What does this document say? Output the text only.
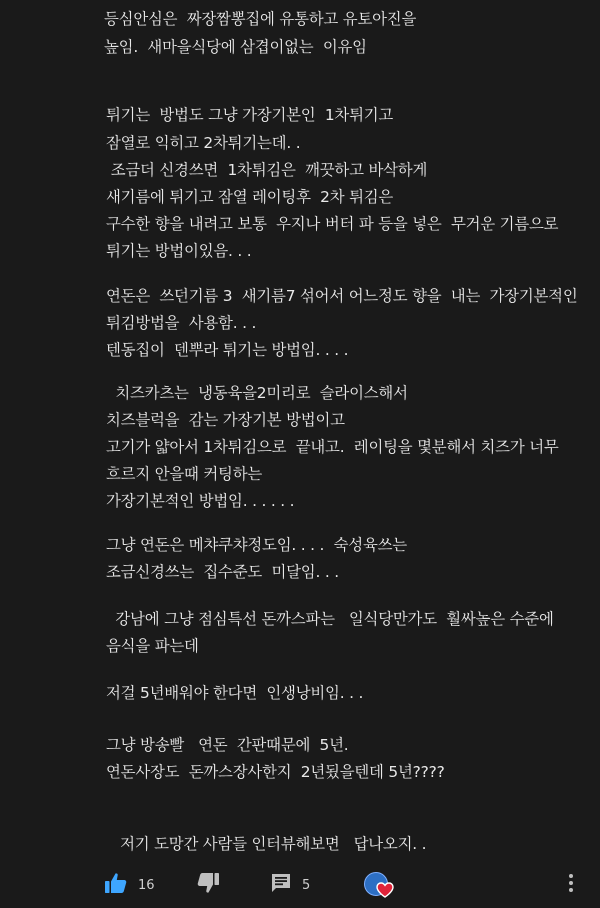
등심안심은  짜장짬뽕집에 유통하고 유토아진을
높임.  새마을식당에 삼겹이없는  이유임
튀기는  방법도 그냥 가장기본인  1차튀기고
잠열로 익히고 2차튀기는데. .
조금더 신경쓰면  1차튀김은  깨끗하고 바삭하게
새기름에 튀기고 잠열 레이팅후  2차 튀김은
구수한 향을 내려고 보통  우지나 버터 파 등을 넣은  무거운 기름으로
튀기는 방법이있음. . .
연돈은  쓰던기름 3  새기름7 섞어서 어느정도 향을  내는  가장기본적인
튀김방법을  사용함. . .
텐동집이  덴뿌라 튀기는 방법임. . . .
치즈카츠는  냉동육을2미리로  슬라이스해서
치즈블럭을  감는 가장기본 방법이고
고기가 얇아서 1차튀김으로  끝내고.  레이팅을 몇분해서 치즈가 너무
흐르지 안을때 커팅하는
가장기본적인 방법임. . . . . .
그냥 연돈은 메챠쿠챠정도임. . . .  숙성육쓰는
조금신경쓰는  집수준도  미달임. . .
강남에 그냥 점심특선 돈까스파는   일식당만가도  훨싸높은 수준에
음식을 파는데
저걸 5년배워야 한다면  인생낭비임. . .
그냥 방송빨   연돈  간판때문에  5년.
연돈사장도  돈까스장사한지  2년됬을텐데 5년????
저기 도망간 사람들 인터뷰해보면   답나오지. .
16	5
